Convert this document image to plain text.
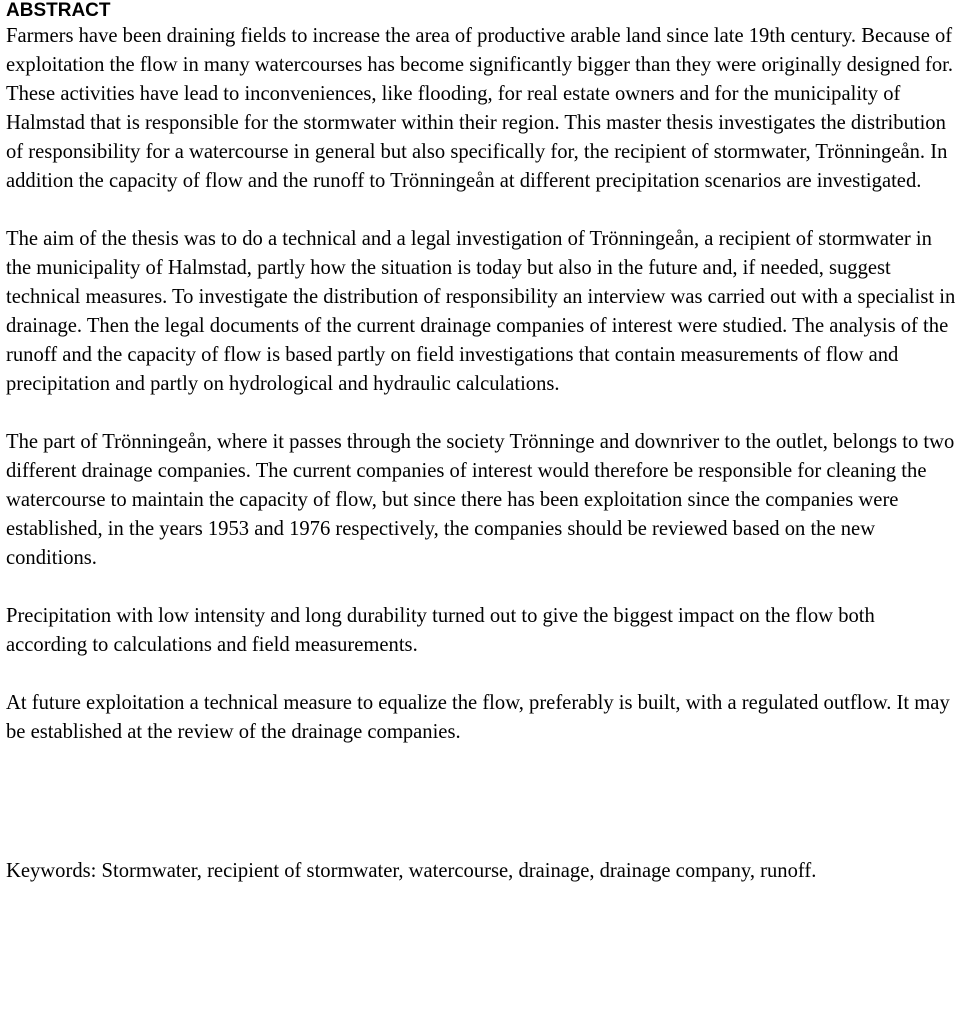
ABSTRACT

Farmers have been draining fields to increase the area of productive arable land since late 19th century. Because of exploitation the flow in many watercourses has become significantly bigger than they were originally designed for. These activities have lead to inconveniences, like flooding, for real estate owners and for the municipality of Halmstad that is responsible for the stormwater within their region. This master thesis investigates the distribution of responsibility for a watercourse in general but also specifically for, the recipient of stormwater, Trönningeån. In addition the capacity of flow and the runoff to Trönningeån at different precipitation scenarios are investigated.

The aim of the thesis was to do a technical and a legal investigation of Trönningeån, a recipient of stormwater in the municipality of Halmstad, partly how the situation is today but also in the future and, if needed, suggest technical measures. To investigate the distribution of responsibility an interview was carried out with a specialist in drainage. Then the legal documents of the current drainage companies of interest were studied. The analysis of the runoff and the capacity of flow is based partly on field investigations that contain measurements of flow and precipitation and partly on hydrological and hydraulic calculations.

The part of Trönningeån, where it passes through the society Trönninge and downriver to the outlet, belongs to two different drainage companies. The current companies of interest would therefore be responsible for cleaning the watercourse to maintain the capacity of flow, but since there has been exploitation since the companies were established, in the years 1953 and 1976 respectively, the companies should be reviewed based on the new conditions.

Precipitation with low intensity and long durability turned out to give the biggest impact on the flow both according to calculations and field measurements.

At future exploitation a technical measure to equalize the flow, preferably is built, with a regulated outflow. It may be established at the review of the drainage companies.

Keywords: Stormwater, recipient of stormwater, watercourse, drainage, drainage company, runoff.
